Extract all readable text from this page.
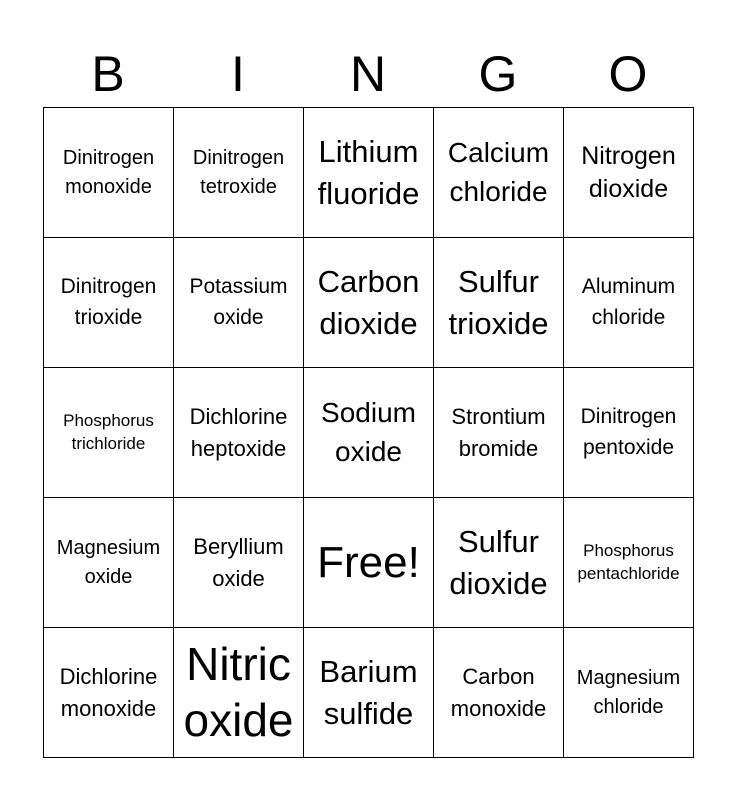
B	I	N	G	O
Dinitrogen monoxide	Dinitrogen tetroxide	Lithium fluoride	Calcium chloride	Nitrogen dioxide

Dinitrogen trioxide	Potassium oxide	Carbon dioxide	Sulfur trioxide	Aluminum chloride

Phosphorus trichloride	Dichlorine heptoxide	Sodium oxide	Strontium bromide	Dinitrogen pentoxide

Magnesium oxide	Beryllium oxide	Free!	Sulfur dioxide	Phosphorus pentachloride

Dichlorine monoxide	Nitric oxide	Barium sulfide	Carbon monoxide	Magnesium chloride
